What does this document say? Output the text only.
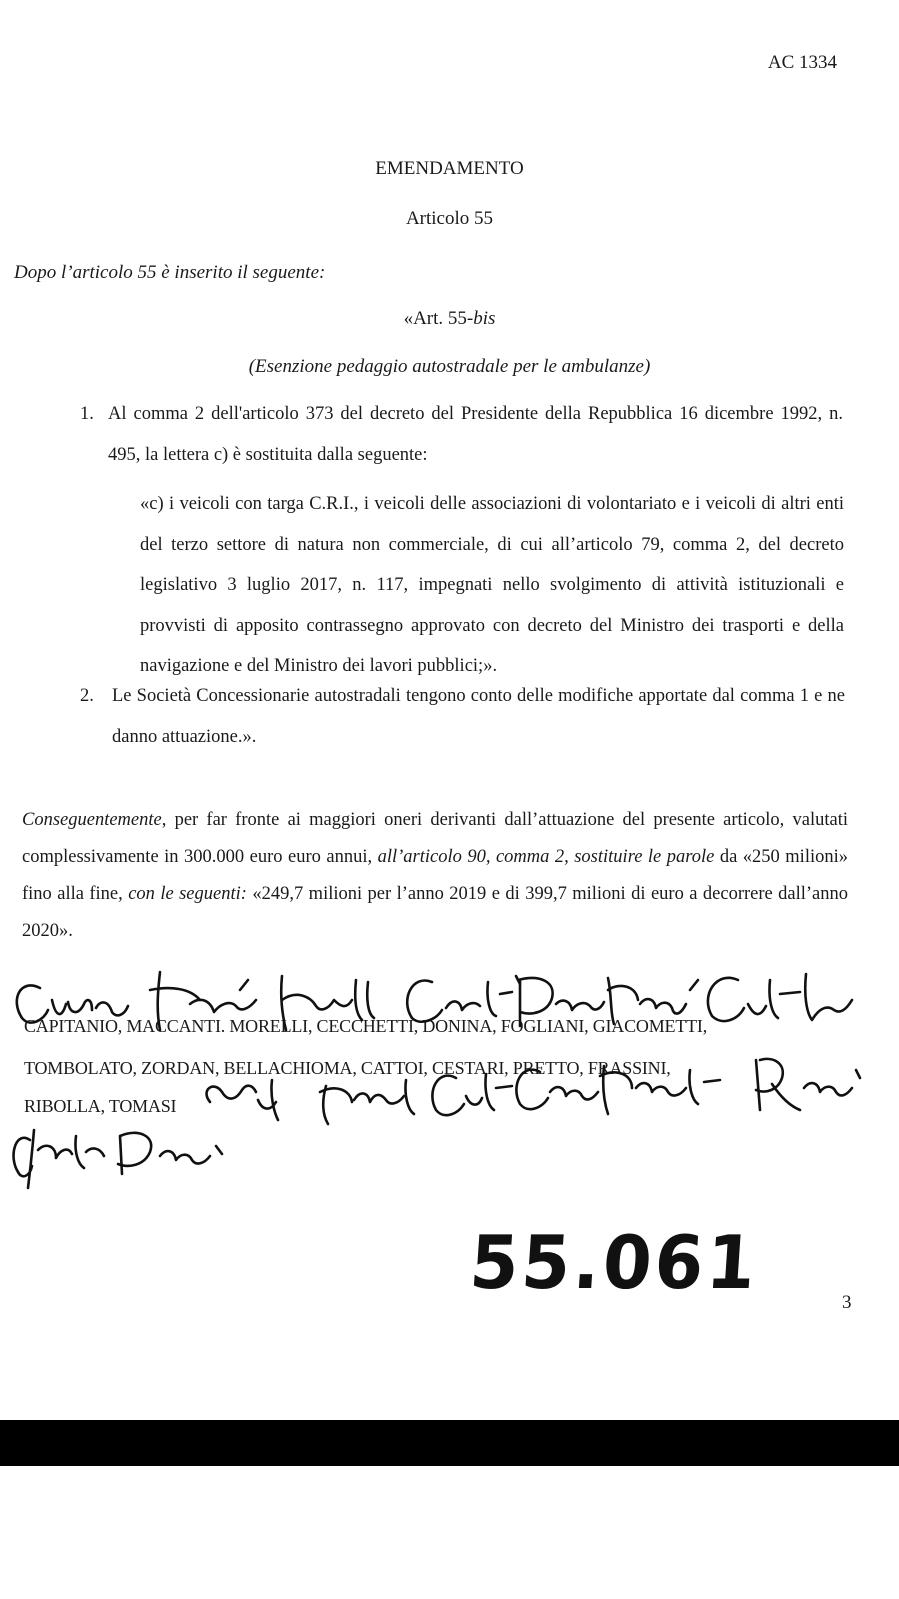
AC 1334
EMENDAMENTO
Articolo 55
Dopo l’articolo 55 è inserito il seguente:
«Art. 55-bis
(Esenzione pedaggio autostradale per le ambulanze)
1. Al comma 2 dell'articolo 373 del decreto del Presidente della Repubblica 16 dicembre 1992, n. 495, la lettera c) è sostituita dalla seguente:
«c) i veicoli con targa C.R.I., i veicoli delle associazioni di volontariato e i veicoli di altri enti del terzo settore di natura non commerciale, di cui all’articolo 79, comma 2, del decreto legislativo 3 luglio 2017, n. 117, impegnati nello svolgimento di attività istituzionali e provvisti di apposito contrassegno approvato con decreto del Ministro dei trasporti e della navigazione e del Ministro dei lavori pubblici;».
2. Le Società Concessionarie autostradali tengono conto delle modifiche apportate dal comma 1 e ne danno attuazione.».
Conseguentemente, per far fronte ai maggiori oneri derivanti dall’attuazione del presente articolo, valutati complessivamente in 300.000 euro euro annui, all’articolo 90, comma 2, sostituire le parole da «250 milioni» fino alla fine, con le seguenti: «249,7 milioni per l’anno 2019 e di 399,7 milioni di euro a decorrere dall’anno 2020».
CAPITANIO, MACCANTI. MORELLI, CECCHETTI, DONINA, FOGLIANI, GIACOMETTI,
TOMBOLATO, ZORDAN, BELLACHIOMA, CATTOI, CESTARI, PRETTO, FRASSINI,
RIBOLLA, TOMASI
55.061	3
